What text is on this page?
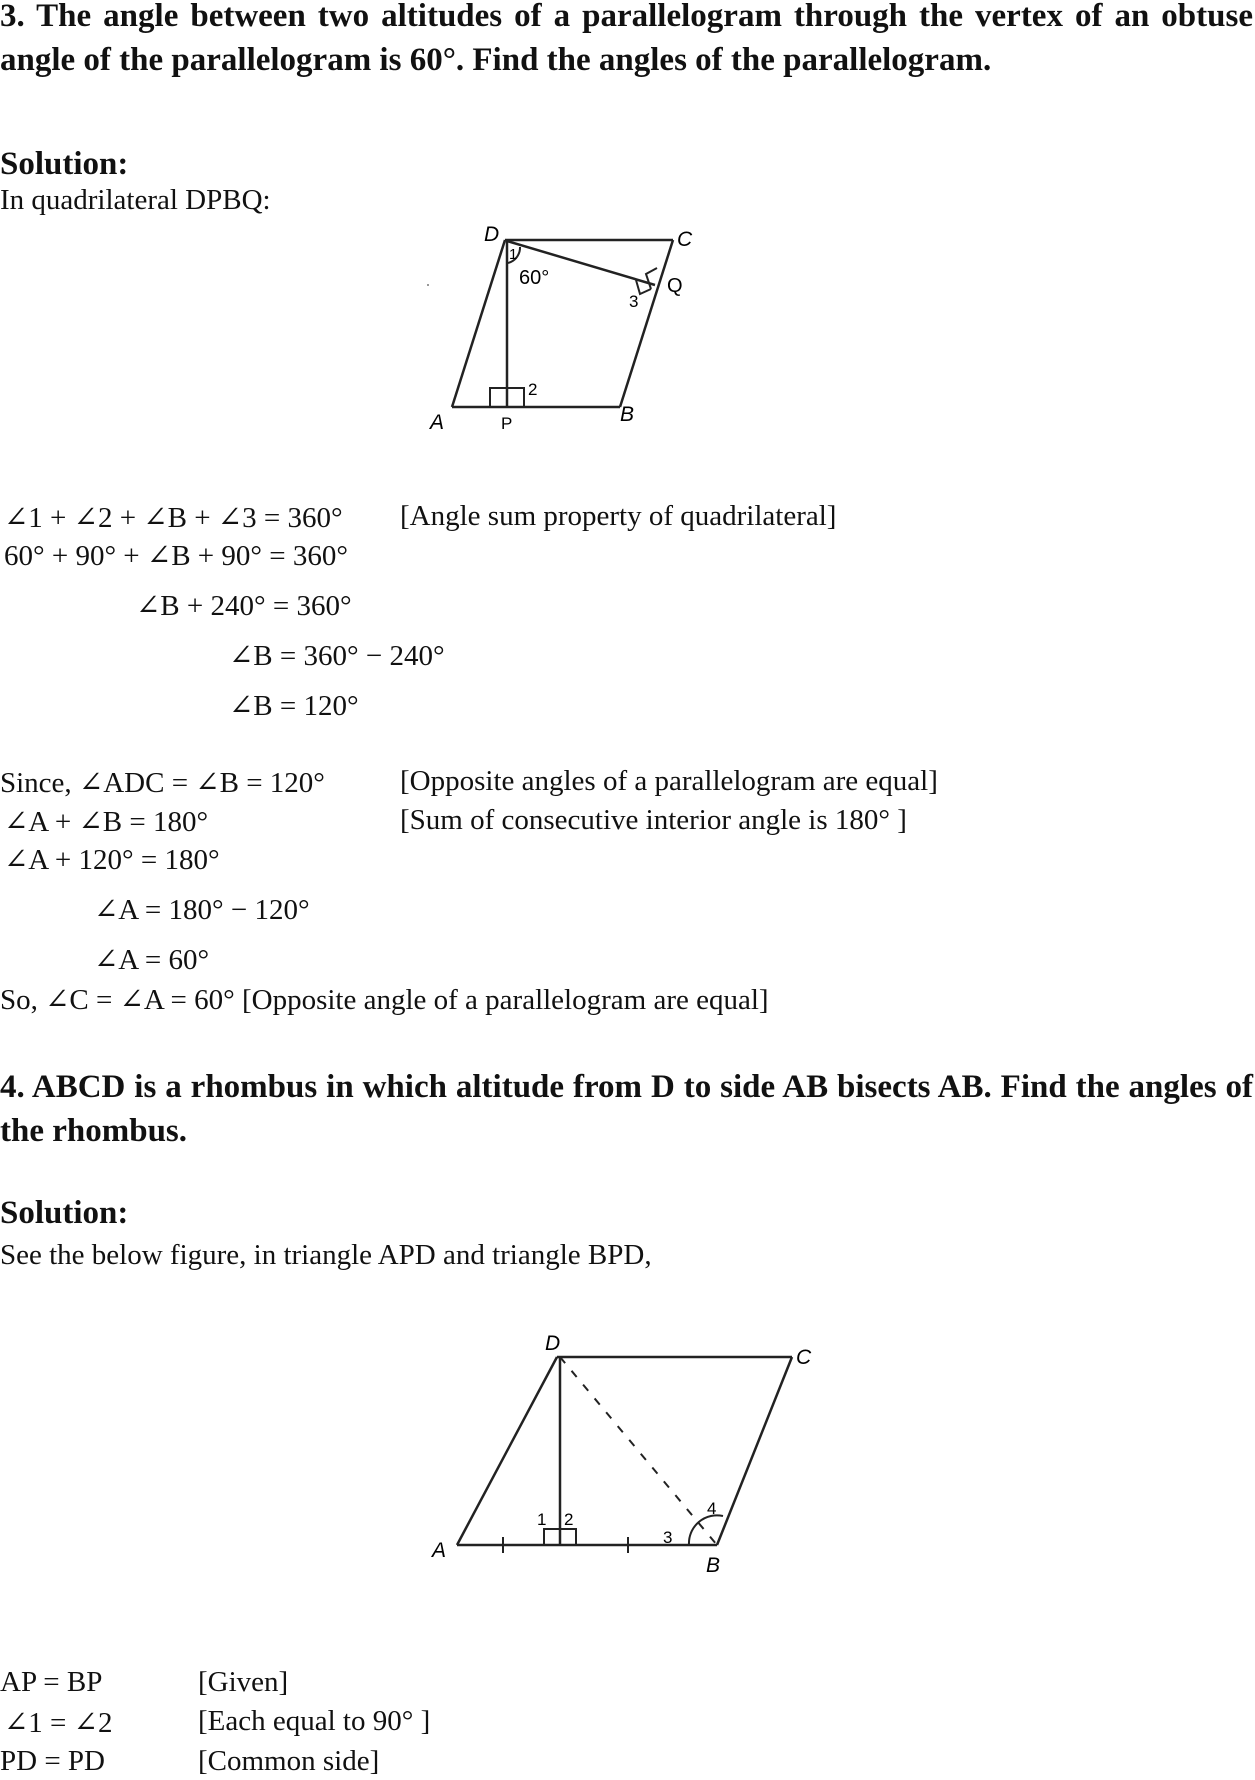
3. The angle between two altitudes of a parallelogram through the vertex of an obtuse angle of the parallelogram is 60°. Find the angles of the parallelogram.
Solution:
In quadrilateral DPBQ:
D	C
Q
A	P	B
1
60°
2
3
∠1 + ∠2 + ∠B + ∠3 = 360° [Angle sum property of quadrilateral]
60° + 90° + ∠B + 90° = 360°
∠B + 240° = 360°
∠B = 360° − 240°
∠B = 120°
Since, ∠ADC = ∠B = 120°	[Opposite angles of a parallelogram are equal]
∠A + ∠B = 180°	[Sum of consecutive interior angle is 180° ]
∠A + 120° = 180°
∠A = 180° − 120°
∠A = 60°
So, ∠C = ∠A = 60° [Opposite angle of a parallelogram are equal]
4. ABCD is a rhombus in which altitude from D to side AB bisects AB. Find the angles of the rhombus.
Solution:
See the below figure, in triangle APD and triangle BPD,
D
C
A
B
1 2
3
4
AP = BP	[Given]
∠1 = ∠2	[Each equal to 90° ]
PD = PD	[Common side]
